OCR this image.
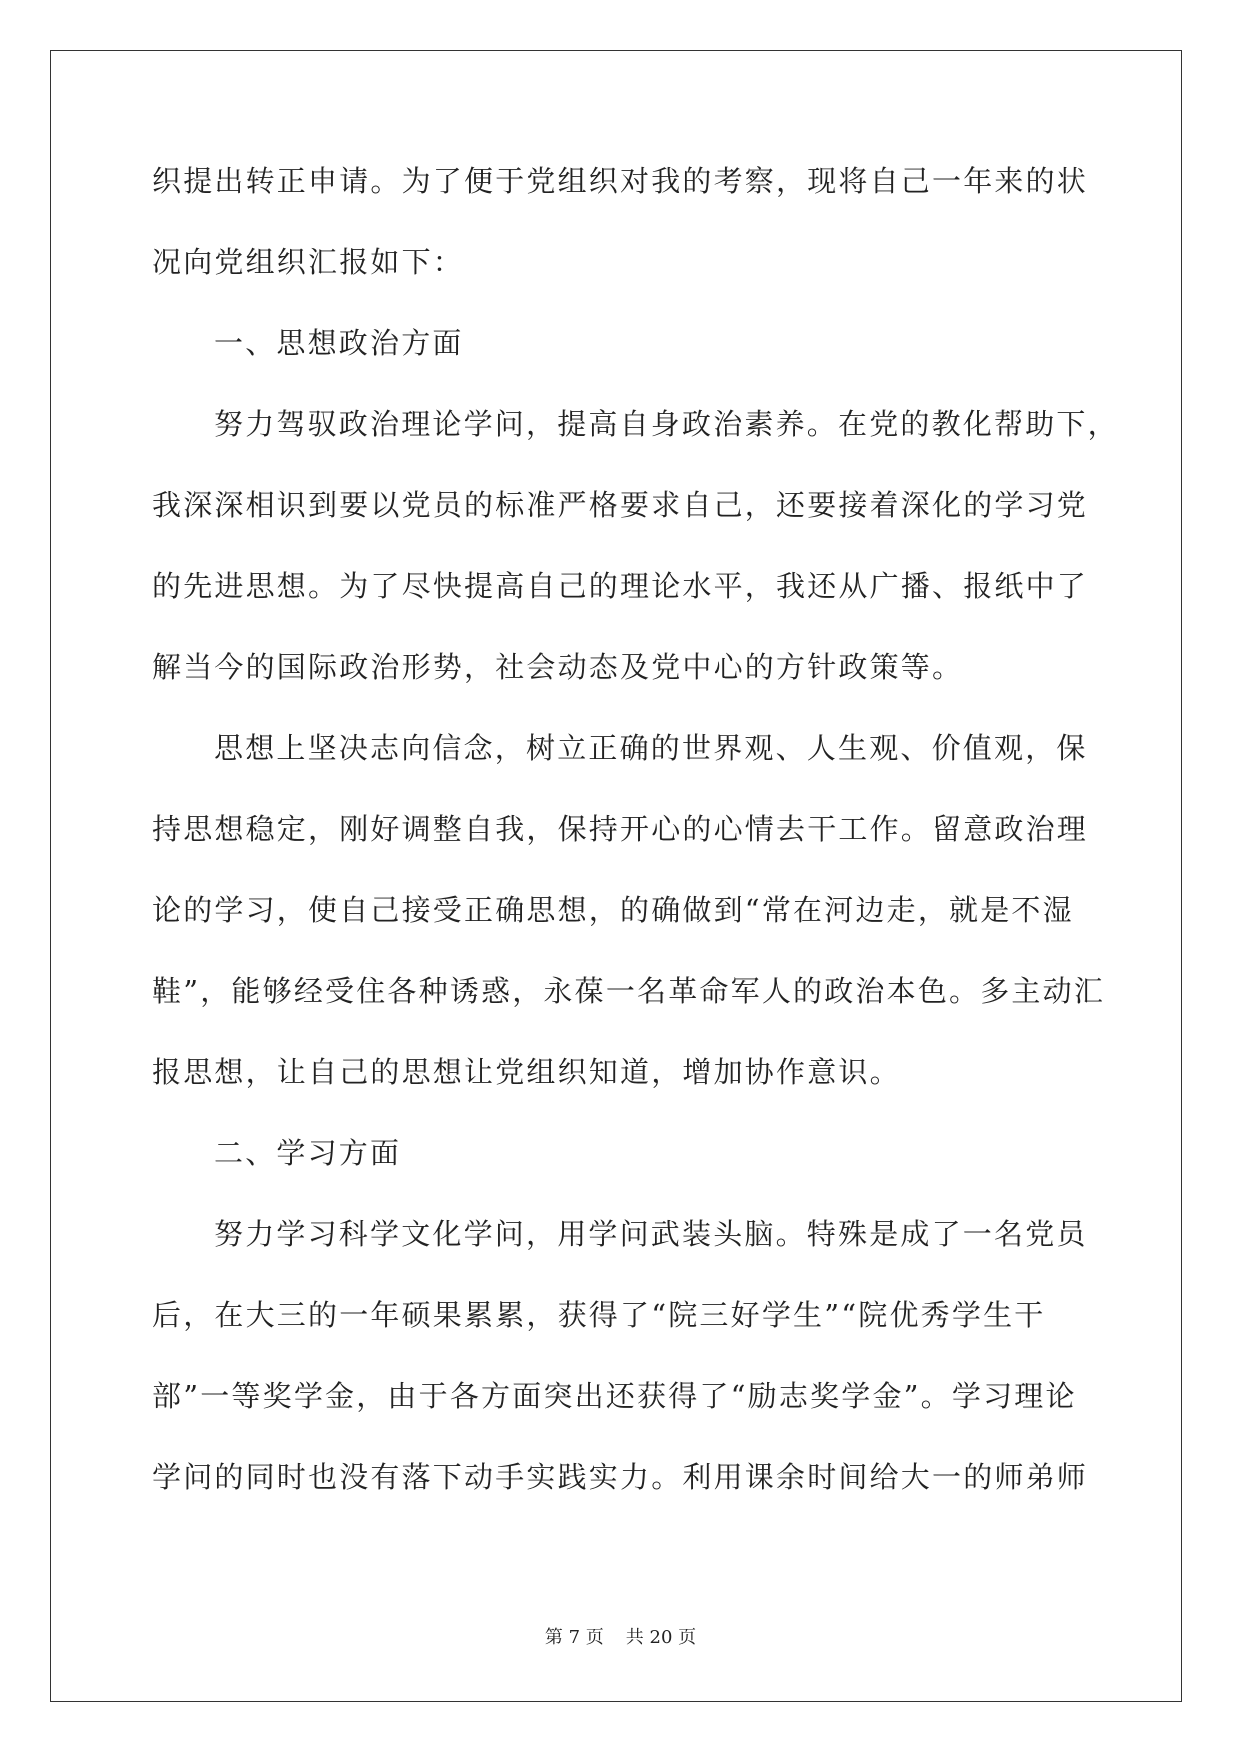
织提出转正申请。为了便于党组织对我的考察，现将自己一年来的状
况向党组织汇报如下：
一、思想政治方面
努力驾驭政治理论学问，提高自身政治素养。在党的教化帮助下，
我深深相识到要以党员的标准严格要求自己，还要接着深化的学习党
的先进思想。为了尽快提高自己的理论水平，我还从广播、报纸中了
解当今的国际政治形势，社会动态及党中心的方针政策等。
思想上坚决志向信念，树立正确的世界观、人生观、价值观，保
持思想稳定，刚好调整自我，保持开心的心情去干工作。留意政治理
论的学习，使自己接受正确思想，的确做到“常在河边走，就是不湿
鞋”，能够经受住各种诱惑，永葆一名革命军人的政治本色。多主动汇
报思想，让自己的思想让党组织知道，增加协作意识。
二、学习方面
努力学习科学文化学问，用学问武装头脑。特殊是成了一名党员
后，在大三的一年硕果累累，获得了“院三好学生”“院优秀学生干
部”一等奖学金，由于各方面突出还获得了“励志奖学金”。学习理论
学问的同时也没有落下动手实践实力。利用课余时间给大一的师弟师
第 7 页 共 20 页
